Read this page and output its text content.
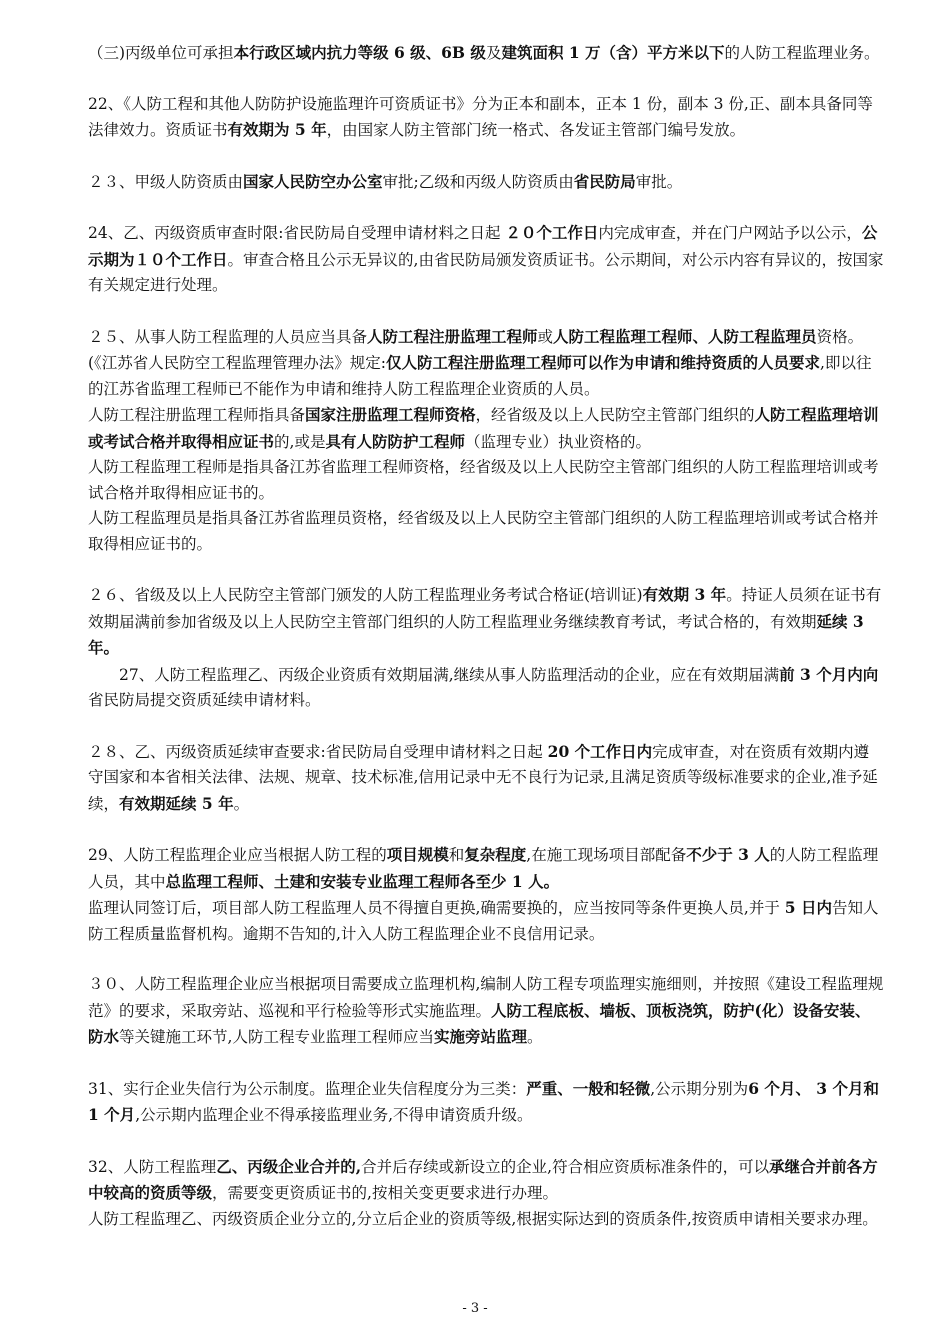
（三)丙级单位可承担本行政区域内抗力等级 6 级、6B 级及建筑面积 1 万（含）平方米以下的人防工程监理业务。

22、《人防工程和其他人防防护设施监理许可资质证书》分为正本和副本，正本 1 份，副本 3 份,正、副本具备同等法律效力。资质证书有效期为 5 年，由国家人防主管部门统一格式、各发证主管部门编号发放。

２３、甲级人防资质由国家人民防空办公室审批;乙级和丙级人防资质由省民防局审批。

24、乙、丙级资质审查时限:省民防局自受理申请材料之日起 ２０个工作日内完成审查，并在门户网站予以公示，公示期为１０个工作日。审查合格且公示无异议的,由省民防局颁发资质证书。公示期间，对公示内容有异议的，按国家有关规定进行处理。

２５、从事人防工程监理的人员应当具备人防工程注册监理工程师或人防工程监理工程师、人防工程监理员资格。(《江苏省人民防空工程监理管理办法》规定:仅人防工程注册监理工程师可以作为申请和维持资质的人员要求,即以往的江苏省监理工程师已不能作为申请和维持人防工程监理企业资质的人员。

人防工程注册监理工程师指具备国家注册监理工程师资格，经省级及以上人民防空主管部门组织的人防工程监理培训或考试合格并取得相应证书的,或是具有人防防护工程师（监理专业）执业资格的。

人防工程监理工程师是指具备江苏省监理工程师资格，经省级及以上人民防空主管部门组织的人防工程监理培训或考试合格并取得相应证书的。

人防工程监理员是指具备江苏省监理员资格，经省级及以上人民防空主管部门组织的人防工程监理培训或考试合格并取得相应证书的。

２６、省级及以上人民防空主管部门颁发的人防工程监理业务考试合格证(培训证)有效期 3 年。持证人员须在证书有效期届满前参加省级及以上人民防空主管部门组织的人防工程监理业务继续教育考试，考试合格的，有效期延续 3 年。

27、人防工程监理乙、丙级企业资质有效期届满,继续从事人防监理活动的企业，应在有效期届满前 3 个月内向省民防局提交资质延续申请材料。

２８、乙、丙级资质延续审查要求:省民防局自受理申请材料之日起 20 个工作日内完成审查，对在资质有效期内遵守国家和本省相关法律、法规、规章、技术标准,信用记录中无不良行为记录,且满足资质等级标准要求的企业,准予延续，有效期延续 5 年。

29、人防工程监理企业应当根据人防工程的项目规模和复杂程度,在施工现场项目部配备不少于 3 人的人防工程监理人员，其中总监理工程师、土建和安装专业监理工程师各至少 1 人。

监理认同签订后，项目部人防工程监理人员不得擅自更换,确需要换的，应当按同等条件更换人员,并于 5 日内告知人防工程质量监督机构。逾期不告知的,计入人防工程监理企业不良信用记录。

３０、人防工程监理企业应当根据项目需要成立监理机构,编制人防工程专项监理实施细则，并按照《建设工程监理规范》的要求，采取旁站、巡视和平行检验等形式实施监理。人防工程底板、墙板、顶板浇筑，防护(化）设备安装、防水等关键施工环节,人防工程专业监理工程师应当实施旁站监理。

31、实行企业失信行为公示制度。监理企业失信程度分为三类：严重、一般和轻微,公示期分别为6 个月、 3 个月和 1 个月,公示期内监理企业不得承接监理业务,不得申请资质升级。

32、人防工程监理乙、丙级企业合并的,合并后存续或新设立的企业,符合相应资质标准条件的，可以承继合并前各方中较高的资质等级，需要变更资质证书的,按相关变更要求进行办理。

人防工程监理乙、丙级资质企业分立的,分立后企业的资质等级,根据实际达到的资质条件,按资质申请相关要求办理。

- 3 -
